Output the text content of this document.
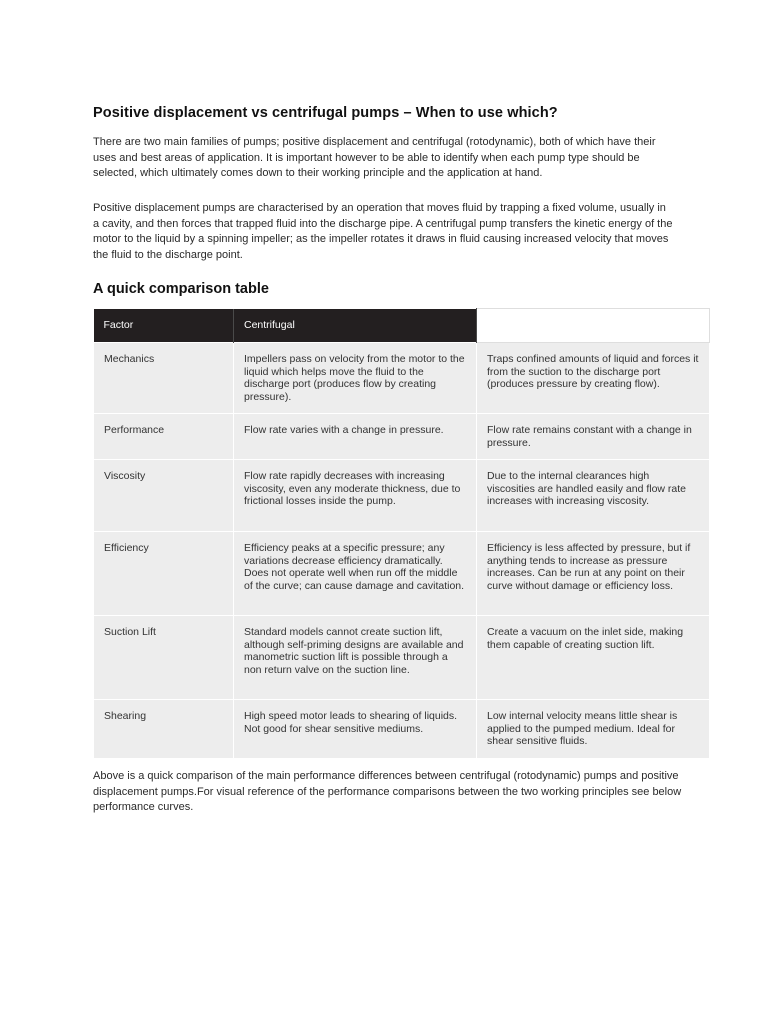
Positive displacement vs centrifugal pumps – When to use which?

There are two main families of pumps; positive displacement and centrifugal (rotodynamic), both of which have their uses and best areas of application. It is important however to be able to identify when each pump type should be selected, which ultimately comes down to their working principle and the application at hand.

Positive displacement pumps are characterised by an operation that moves fluid by trapping a fixed volume, usually in a cavity, and then forces that trapped fluid into the discharge pipe. A centrifugal pump transfers the kinetic energy of the motor to the liquid by a spinning impeller; as the impeller rotates it draws in fluid causing increased velocity that moves the fluid to the discharge point.

A quick comparison table
Factor	Centrifugal	
Mechanics	Impellers pass on velocity from the motor to the liquid which helps move the fluid to the discharge port (produces flow by creating pressure).	Traps confined amounts of liquid and forces it from the suction to the discharge port (produces pressure by creating flow).
Performance	Flow rate varies with a change in pressure.	Flow rate remains constant with a change in pressure.
Viscosity	Flow rate rapidly decreases with increasing viscosity, even any moderate thickness, due to frictional losses inside the pump.	Due to the internal clearances high viscosities are handled easily and flow rate increases with increasing viscosity.
Efficiency	Efficiency peaks at a specific pressure; any variations decrease efficiency dramatically. Does not operate well when run off the middle of the curve; can cause damage and cavitation.	Efficiency is less affected by pressure, but if anything tends to increase as pressure increases. Can be run at any point on their curve without damage or efficiency loss.
Suction Lift	Standard models cannot create suction lift, although self-priming designs are available and manometric suction lift is possible through a non return valve on the suction line.	Create a vacuum on the inlet side, making them capable of creating suction lift.
Shearing	High speed motor leads to shearing of liquids. Not good for shear sensitive mediums.	Low internal velocity means little shear is applied to the pumped medium. Ideal for shear sensitive fluids.

Above is a quick comparison of the main performance differences between centrifugal (rotodynamic) pumps and positive displacement pumps.For visual reference of the performance comparisons between the two working principles see below performance curves.
